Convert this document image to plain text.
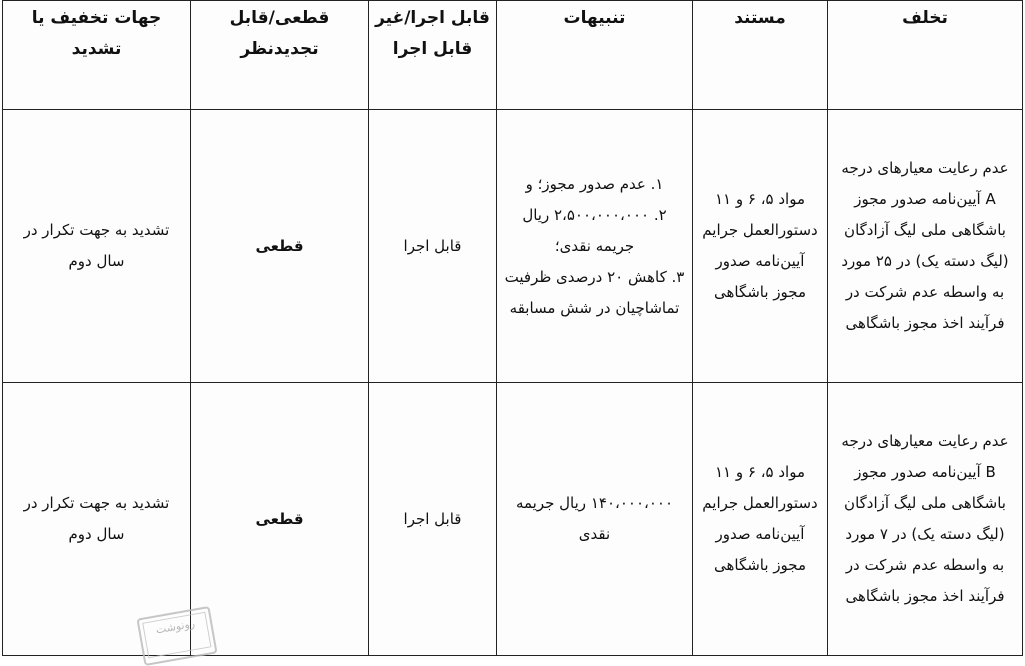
تخلف	مستند	تنبیهات	قابل اجرا/غیر قابل اجرا	قطعی/قابل تجدیدنظر	جهات تخفیف یا تشدید
عدم رعایت معیارهای درجه A آیین‌نامه صدور مجوز باشگاهی ملی لیگ آزادگان (لیگ دسته یک) در ۲۵ مورد به واسطه عدم شرکت در فرآیند اخذ مجوز باشگاهی	مواد ۵، ۶ و ۱۱ دستورالعمل جرایم آیین‌نامه صدور مجوز باشگاهی	۱. عدم صدور مجوز؛ و
۲. ۲،۵۰۰،۰۰۰،۰۰۰ ریال جریمه نقدی؛
۳. کاهش ۲۰ درصدی ظرفیت تماشاچیان در شش مسابقه	قابل اجرا	قطعی	تشدید به جهت تکرار در سال دوم
عدم رعایت معیارهای درجه B آیین‌نامه صدور مجوز باشگاهی ملی لیگ آزادگان (لیگ دسته یک) در ۷ مورد به واسطه عدم شرکت در فرآیند اخذ مجوز باشگاهی	مواد ۵، ۶ و ۱۱ دستورالعمل جرایم آیین‌نامه صدور مجوز باشگاهی	۱۴۰،۰۰۰،۰۰۰ ریال جریمه نقدی	قابل اجرا	قطعی	تشدید به جهت تکرار در سال دوم
رونوشت
